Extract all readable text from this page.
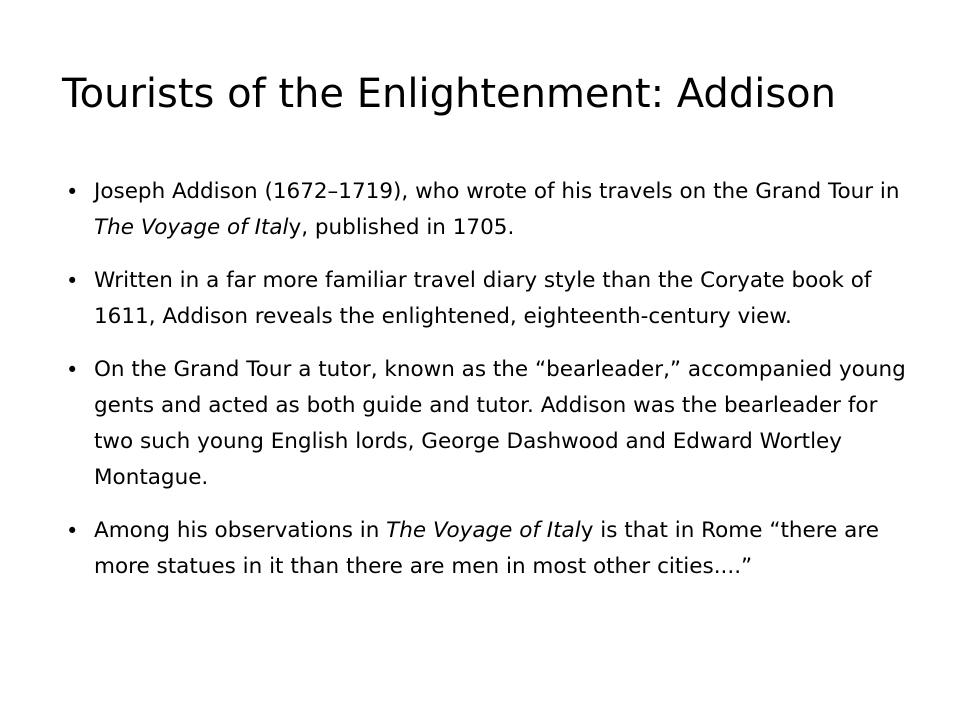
Tourists of the Enlightenment: Addison
• Joseph Addison (1672–1719), who wrote of his travels on the Grand Tour in The Voyage of Italy, published in 1705.
• Written in a far more familiar travel diary style than the Coryate book of 1611, Addison reveals the enlightened, eighteenth-century view.
• On the Grand Tour a tutor, known as the “bearleader,” accompanied young gents and acted as both guide and tutor. Addison was the bearleader for two such young English lords, George Dashwood and Edward Wortley Montague.
• Among his observations in The Voyage of Italy is that in Rome “there are more statues in it than there are men in most other cities....”
